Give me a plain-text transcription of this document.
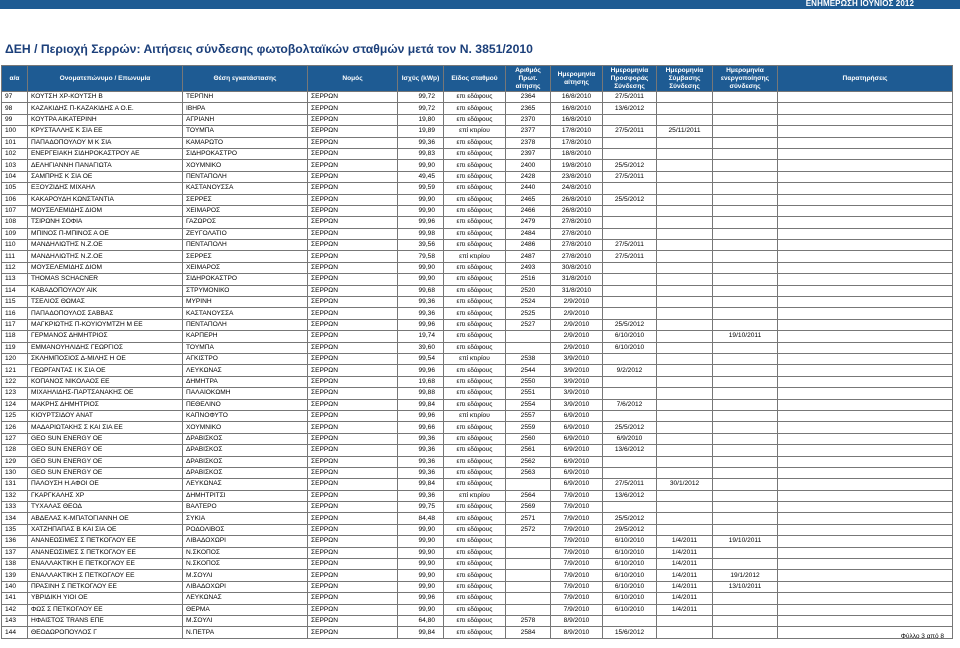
ΕΝΗΜΕΡΩΣΗ ΙΟΥΝΙΟΣ 2012
ΔΕΗ / Περιοχή Σερρών: Αιτήσεις σύνδεσης φωτοβολταϊκών σταθμών μετά τον Ν. 3851/2010
α/α	Ονοματεπώνυμο / Επωνυμία	Θέση εγκατάστασης	Νομός	Ισχύς (kWp)	Είδος σταθμού	Αριθμός Πρωτ. αίτησης	Ημερομηνία αίτησης	Ημερομηνία Προσφοράς Σύνδεσης	Ημερομηνία Σύμβασης Σύνδεσης	Ημερομηνία ενεργοποίησης σύνδεσης	Παρατηρήσεις
97	ΚΟΥΤΣΗ ΧΡ-ΚΟΥΤΣΗ Β	ΤΕΡΠΝΗ	ΣΕΡΡΩΝ	99,72	επι εδάφους	2364	16/8/2010	27/5/2011			
98	ΚΑΖΑΚΙΔΗΣ Π-ΚΑΖΑΚΙΔΗΣ Α Ο.Ε.	ΙΒΗΡΑ	ΣΕΡΡΩΝ	99,72	επι εδάφους	2365	16/8/2010	13/6/2012			
99	ΚΟΥΤΡΑ ΑΙΚΑΤΕΡΙΝΗ	ΑΓΡΙΑΝΗ	ΣΕΡΡΩΝ	19,80	επι εδάφους	2370	16/8/2010				
100	ΚΡΥΣΤΑΛΛΗΣ Κ ΣΙΑ ΕΕ	ΤΟΥΜΠΑ	ΣΕΡΡΩΝ	19,89	επί κτιρίου	2377	17/8/2010	27/5/2011	25/11/2011		
101	ΠΑΠΑΔΟΠΟΥΛΟΥ Μ Κ ΣΙΑ	ΚΑΜΑΡΩΤΟ	ΣΕΡΡΩΝ	99,36	επι εδάφους	2378	17/8/2010				
102	ΕΝΕΡΓΕΙΑΚΗ ΣΙΔΗΡΟΚΑΣΤΡΟΥ ΑΕ	ΣΙΔΗΡΟΚΑΣΤΡΟ	ΣΕΡΡΩΝ	99,83	επι εδάφους	2397	18/8/2010				
103	ΔΕΛΗΓΙΑΝΝΗ ΠΑΝΑΓΙΩΤΑ	ΧΟΥΜΝΙΚΟ	ΣΕΡΡΩΝ	99,90	επι εδάφους	2400	19/8/2010	25/5/2012			
104	ΣΑΜΠΡΗΣ Κ ΣΙΑ ΟΕ	ΠΕΝΤΑΠΟΛΗ	ΣΕΡΡΩΝ	49,45	επι εδάφους	2428	23/8/2010	27/5/2011			
105	ΕΞΟΥΖΙΔΗΣ ΜΙΧΑΗΛ	ΚΑΣΤΑΝΟΥΣΣΑ	ΣΕΡΡΩΝ	99,59	επι εδάφους	2440	24/8/2010				
106	ΚΑΚΑΡΟΥΔΗ ΚΩΝΣΤΑΝΤΙΑ	ΣΕΡΡΕΣ	ΣΕΡΡΩΝ	99,90	επι εδάφους	2465	26/8/2010	25/5/2012			
107	ΜΟΥΣΕΛΕΜΙΔΗΣ ΔΙΟΜ	ΧΕΙΜΑΡΟΣ	ΣΕΡΡΩΝ	99,90	επι εδάφους	2466	26/8/2010				
108	ΤΣΙΡΩΝΗ ΣΟΦΙΑ	ΓΑΖΩΡΟΣ	ΣΕΡΡΩΝ	99,96	επι εδάφους	2479	27/8/2010				
109	ΜΠΙΝΟΣ Π-ΜΠΙΝΟΣ Α ΟΕ	ΖΕΥΓΟΛΑΤΙΟ	ΣΕΡΡΩΝ	99,98	επι εδάφους	2484	27/8/2010				
110	ΜΑΝΔΗΛΙΩΤΗΣ Ν.Ζ.ΟΕ	ΠΕΝΤΑΠΟΛΗ	ΣΕΡΡΩΝ	39,56	επι εδάφους	2486	27/8/2010	27/5/2011			
111	ΜΑΝΔΗΛΙΩΤΗΣ Ν.Ζ.ΟΕ	ΣΕΡΡΕΣ	ΣΕΡΡΩΝ	79,58	επί κτιρίου	2487	27/8/2010	27/5/2011			
112	ΜΟΥΣΕΛΕΜΙΔΗΣ ΔΙΟΜ	ΧΕΙΜΑΡΟΣ	ΣΕΡΡΩΝ	99,90	επι εδάφους	2493	30/8/2010				
113	THOMAS SCHACNER	ΣΙΔΗΡΟΚΑΣΤΡΟ	ΣΕΡΡΩΝ	99,90	επι εδάφους	2516	31/8/2010				
114	ΚΑΒΑΔΟΠΟΥΛΟΥ ΑΙΚ	ΣΤΡΥΜΟΝΙΚΟ	ΣΕΡΡΩΝ	99,68	επι εδάφους	2520	31/8/2010				
115	ΤΣΕΛΙΟΣ ΘΩΜΑΣ	ΜΥΡΙΝΗ	ΣΕΡΡΩΝ	99,36	επι εδάφους	2524	2/9/2010				
116	ΠΑΠΑΔΟΠΟΥΛΟΣ ΣΑΒΒΑΣ	ΚΑΣΤΑΝΟΥΣΣΑ	ΣΕΡΡΩΝ	99,36	επι εδάφους	2525	2/9/2010				
117	ΜΑΓΚΡΙΩΤΗΣ Π-ΚΟΥΙΟΥΜΤΖΗ Μ ΕΕ	ΠΕΝΤΑΠΟΛΗ	ΣΕΡΡΩΝ	99,96	επι εδάφους	2527	2/9/2010	25/5/2012			
118	ΓΕΡΜΑΝΟΣ ΔΗΜΗΤΡΙΟΣ	ΚΑΡΠΕΡΗ	ΣΕΡΡΩΝ	19,74	επι εδάφους		2/9/2010	6/10/2010		19/10/2011	
119	ΕΜΜΑΝΟΥΗΛΙΔΗΣ ΓΕΩΡΓΙΟΣ	ΤΟΥΜΠΑ	ΣΕΡΡΩΝ	39,60	επι εδάφους		2/9/2010	6/10/2010			
120	ΣΚΛΗΜΠΟΣΙΟΣ Δ-ΜΙΛΗΣ Η ΟΕ	ΑΓΚΙΣΤΡΟ	ΣΕΡΡΩΝ	99,54	επί κτιρίου	2538	3/9/2010				
121	ΓΕΩΡΓΑΝΤΑΣ Ι Κ ΣΙΑ ΟΕ	ΛΕΥΚΩΝΑΣ	ΣΕΡΡΩΝ	99,96	επι εδάφους	2544	3/9/2010	9/2/2012			
122	ΚΟΠΑΝΟΣ ΝΙΚΟΛΑΟΣ ΕΕ	ΔΗΜΗΤΡΑ	ΣΕΡΡΩΝ	19,68	επι εδάφους	2550	3/9/2010				
123	ΜΙΧΑΗΛΙΔΗΣ-ΠΑΡΤΣΑΝΑΚΗΣ ΟΕ	ΠΑΛΑΙΟΚΩΜΗ	ΣΕΡΡΩΝ	99,88	επι εδάφους	2551	3/9/2010				
124	ΜΑΚΡΗΣ ΔΗΜΗΤΡΙΟΣ	ΠΕΘΕΛΙΝΟ	ΣΕΡΡΩΝ	99,84	επι εδάφους	2554	3/9/2010	7/6/2012			
125	ΚΙΟΥΡΤΣΙΔΟΥ ΑΝΑΤ	ΚΑΠΝΟΦΥΤΟ	ΣΕΡΡΩΝ	99,96	επί κτιρίου	2557	6/9/2010				
126	ΜΑΔΑΡΙΩΤΑΚΗΣ Σ ΚΑΙ ΣΙΑ ΕΕ	ΧΟΥΜΝΙΚΟ	ΣΕΡΡΩΝ	99,66	επι εδάφους	2559	6/9/2010	25/5/2012			
127	GEO SUN ENERGY OE	ΔΡΑΒΙΣΚΟΣ	ΣΕΡΡΩΝ	99,36	επι εδάφους	2560	6/9/2010	6/9/2010			
128	GEO SUN ENERGY OE	ΔΡΑΒΙΣΚΟΣ	ΣΕΡΡΩΝ	99,36	επι εδάφους	2561	6/9/2010	13/6/2012			
129	GEO SUN ENERGY OE	ΔΡΑΒΙΣΚΟΣ	ΣΕΡΡΩΝ	99,36	επι εδάφους	2562	6/9/2010				
130	GEO SUN ENERGY OE	ΔΡΑΒΙΣΚΟΣ	ΣΕΡΡΩΝ	99,36	επι εδάφους	2563	6/9/2010				
131	ΠΑΛΟΥΣΗ Η.ΑΦΟΙ ΟΕ	ΛΕΥΚΩΝΑΣ	ΣΕΡΡΩΝ	99,84	επι εδάφους		6/9/2010	27/5/2011	30/1/2012		
132	ΓΚΑΡΓΚΑΛΗΣ ΧΡ	ΔΗΜΗΤΡΙΤΣΙ	ΣΕΡΡΩΝ	99,36	επί κτιρίου	2564	7/9/2010	13/6/2012			
133	ΤΥΧΑΛΑΣ ΘΕΟΔ	ΒΑΛΤΕΡΟ	ΣΕΡΡΩΝ	99,75	επι εδάφους	2569	7/9/2010				
134	ΑΒΔΕΛΑΣ Κ-ΜΠΑΤΟΓΙΑΝΝΗ ΟΕ	ΣΥΚΙΑ	ΣΕΡΡΩΝ	84,48	επι εδάφους	2571	7/9/2010	25/5/2012			
135	ΧΑΤΖΗΠΑΠΑΣ Β ΚΑΙ ΣΙΑ ΟΕ	ΡΟΔΟΛΙΒΟΣ	ΣΕΡΡΩΝ	99,90	επι εδάφους	2572	7/9/2010	29/5/2012			
136	ΑΝΑΝΕΩΣΙΜΕΣ Σ ΠΕΤΚΟΓΛΟΥ ΕΕ	ΛΙΒΑΔΟΧΩΡΙ	ΣΕΡΡΩΝ	99,90	επι εδάφους		7/9/2010	6/10/2010	1/4/2011	19/10/2011	
137	ΑΝΑΝΕΩΣΙΜΕΣ Σ ΠΕΤΚΟΓΛΟΥ ΕΕ	Ν.ΣΚΟΠΟΣ	ΣΕΡΡΩΝ	99,90	επι εδάφους		7/9/2010	6/10/2010	1/4/2011		
138	ΕΝΑΛΛΑΚΤΙΚΗ Ε ΠΕΤΚΟΓΛΟΥ ΕΕ	Ν.ΣΚΟΠΟΣ	ΣΕΡΡΩΝ	99,90	επι εδάφους		7/9/2010	6/10/2010	1/4/2011		
139	ΕΝΑΛΛΑΚΤΙΚΗ Σ ΠΕΤΚΟΓΛΟΥ ΕΕ	Μ.ΣΟΥΛΙ	ΣΕΡΡΩΝ	99,90	επι εδάφους		7/9/2010	6/10/2010	1/4/2011	19/1/2012	
140	ΠΡΑΣΙΝΗ Σ ΠΕΤΚΟΓΛΟΥ ΕΕ	ΛΙΒΑΔΟΧΩΡΙ	ΣΕΡΡΩΝ	99,90	επι εδάφους		7/9/2010	6/10/2010	1/4/2011	13/10/2011	
141	ΥΒΡΙΔΙΚΗ ΥΙΟΙ ΟΕ	ΛΕΥΚΩΝΑΣ	ΣΕΡΡΩΝ	99,96	επι εδάφους		7/9/2010	6/10/2010	1/4/2011		
142	ΦΩΣ Σ ΠΕΤΚΟΓΛΟΥ ΕΕ	ΘΕΡΜΑ	ΣΕΡΡΩΝ	99,90	επι εδάφους		7/9/2010	6/10/2010	1/4/2011		
143	ΗΦΑΙΣΤΟΣ TRANS ΕΠΕ	Μ.ΣΟΥΛΙ	ΣΕΡΡΩΝ	64,80	επι εδάφους	2578	8/9/2010				
144	ΘΕΟΔΩΡΟΠΟΥΛΟΣ Γ	Ν.ΠΕΤΡΑ	ΣΕΡΡΩΝ	99,84	επι εδάφους	2584	8/9/2010	15/6/2012			
Φύλλο 3 από 8
